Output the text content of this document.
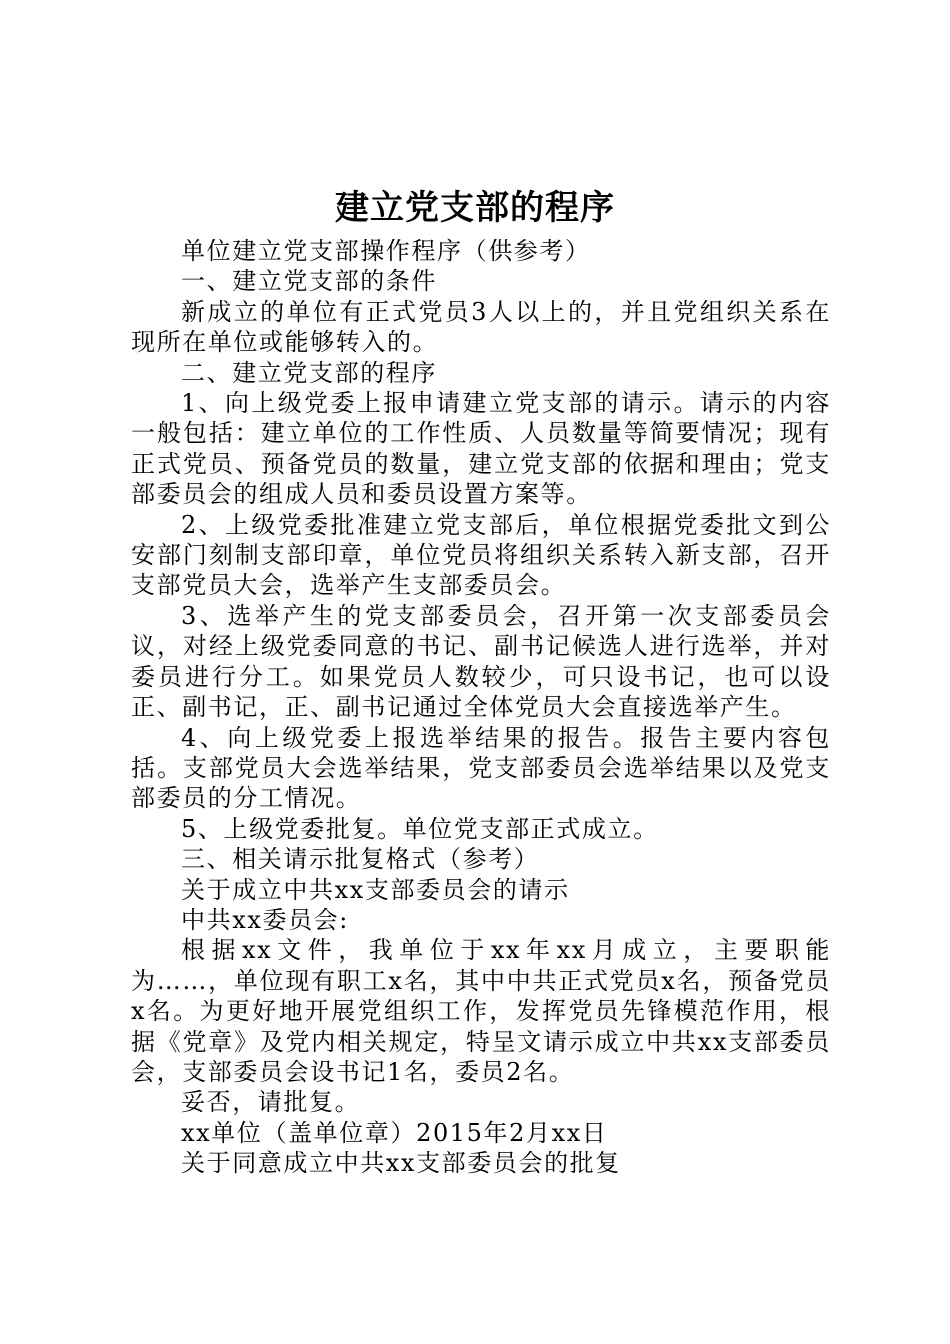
建立党支部的程序

单位建立党支部操作程序（供参考）

一、建立党支部的条件

新成立的单位有正式党员3人以上的，并且党组织关系在现所在单位或能够转入的。

二、建立党支部的程序

1、向上级党委上报申请建立党支部的请示。请示的内容一般包括：建立单位的工作性质、人员数量等简要情况；现有正式党员、预备党员的数量，建立党支部的依据和理由；党支部委员会的组成人员和委员设置方案等。

2、上级党委批准建立党支部后，单位根据党委批文到公安部门刻制支部印章，单位党员将组织关系转入新支部，召开支部党员大会，选举产生支部委员会。

3、选举产生的党支部委员会，召开第一次支部委员会议，对经上级党委同意的书记、副书记候选人进行选举，并对委员进行分工。如果党员人数较少，可只设书记，也可以设正、副书记，正、副书记通过全体党员大会直接选举产生。

4、向上级党委上报选举结果的报告。报告主要内容包括。支部党员大会选举结果，党支部委员会选举结果以及党支部委员的分工情况。

5、上级党委批复。单位党支部正式成立。

三、相关请示批复格式（参考）

关于成立中共xx支部委员会的请示

中共xx委员会:

根据xx文件，我单位于xx年xx月成立，主要职能为……，单位现有职工x名，其中中共正式党员x名，预备党员x名。为更好地开展党组织工作，发挥党员先锋模范作用，根据《党章》及党内相关规定，特呈文请示成立中共xx支部委员会，支部委员会设书记1名，委员2名。

妥否，请批复。

xx单位（盖单位章）2015年2月xx日

关于同意成立中共xx支部委员会的批复
